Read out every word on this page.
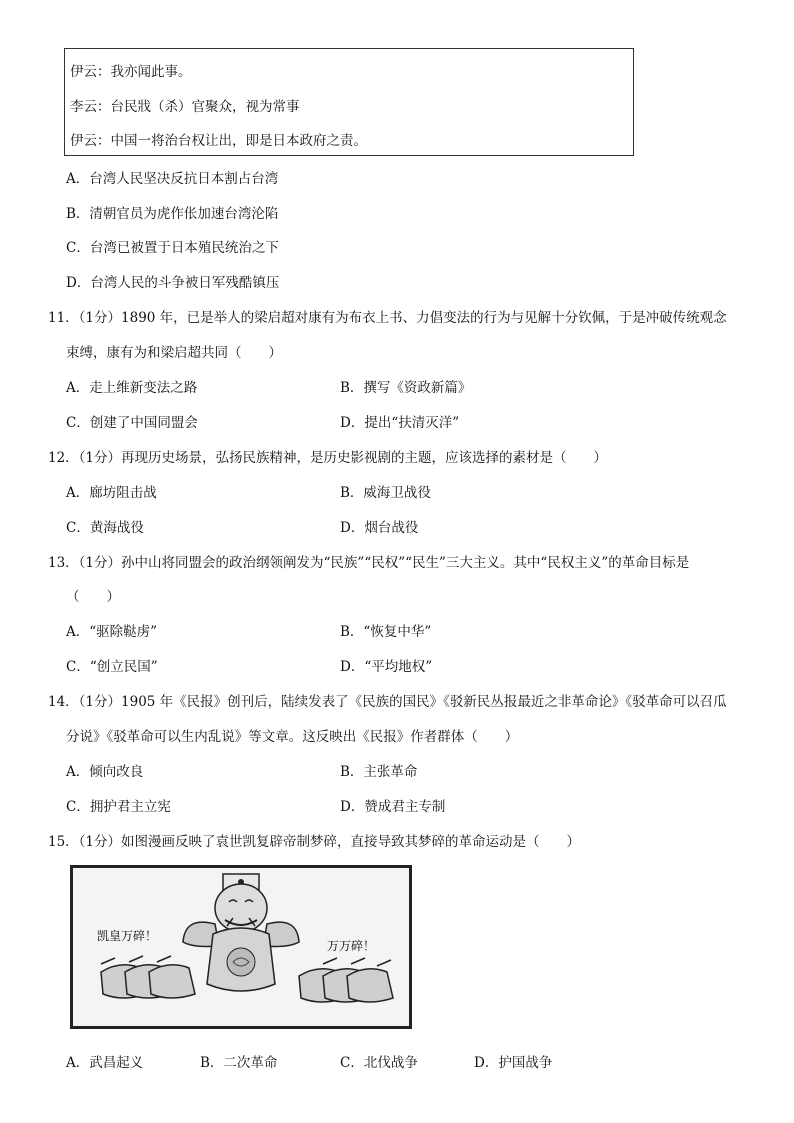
伊云：我亦闻此事。
李云：台民戕（杀）官聚众，视为常事
伊云：中国一将治台权让出，即是日本政府之责。
A．台湾人民坚决反抗日本割占台湾
B．清朝官员为虎作伥加速台湾沦陷
C．台湾已被置于日本殖民统治之下
D．台湾人民的斗争被日军残酷镇压
11．（1分）1890 年，已是举人的梁启超对康有为布衣上书、力倡变法的行为与见解十分钦佩，于是冲破传统观念
束缚，康有为和梁启超共同（　　）
A．走上维新变法之路	B．撰写《资政新篇》
C．创建了中国同盟会	D．提出“扶清灭洋”
12．（1分）再现历史场景，弘扬民族精神，是历史影视剧的主题，应该选择的素材是（　　）
A．廊坊阻击战	B．威海卫战役
C．黄海战役	D．烟台战役
13．（1分）孙中山将同盟会的政治纲领阐发为“民族”“民权”“民生”三大主义。其中“民权主义”的革命目标是
（　　）
A．“驱除鞑虏”	B．“恢复中华”
C．“创立民国”	D．“平均地权”
14．（1分）1905 年《民报》创刊后，陆续发表了《民族的国民》《驳新民丛报最近之非革命论》《驳革命可以召瓜
分说》《驳革命可以生内乱说》等文章。这反映出《民报》作者群体（　　）
A．倾向改良	B．主张革命
C．拥护君主立宪	D．赞成君主专制
15．（1分）如图漫画反映了袁世凯复辟帝制梦碎，直接导致其梦碎的革命运动是（　　）
凯皇万碎！
万万碎！
A．武昌起义	B．二次革命	C．北伐战争	D．护国战争
